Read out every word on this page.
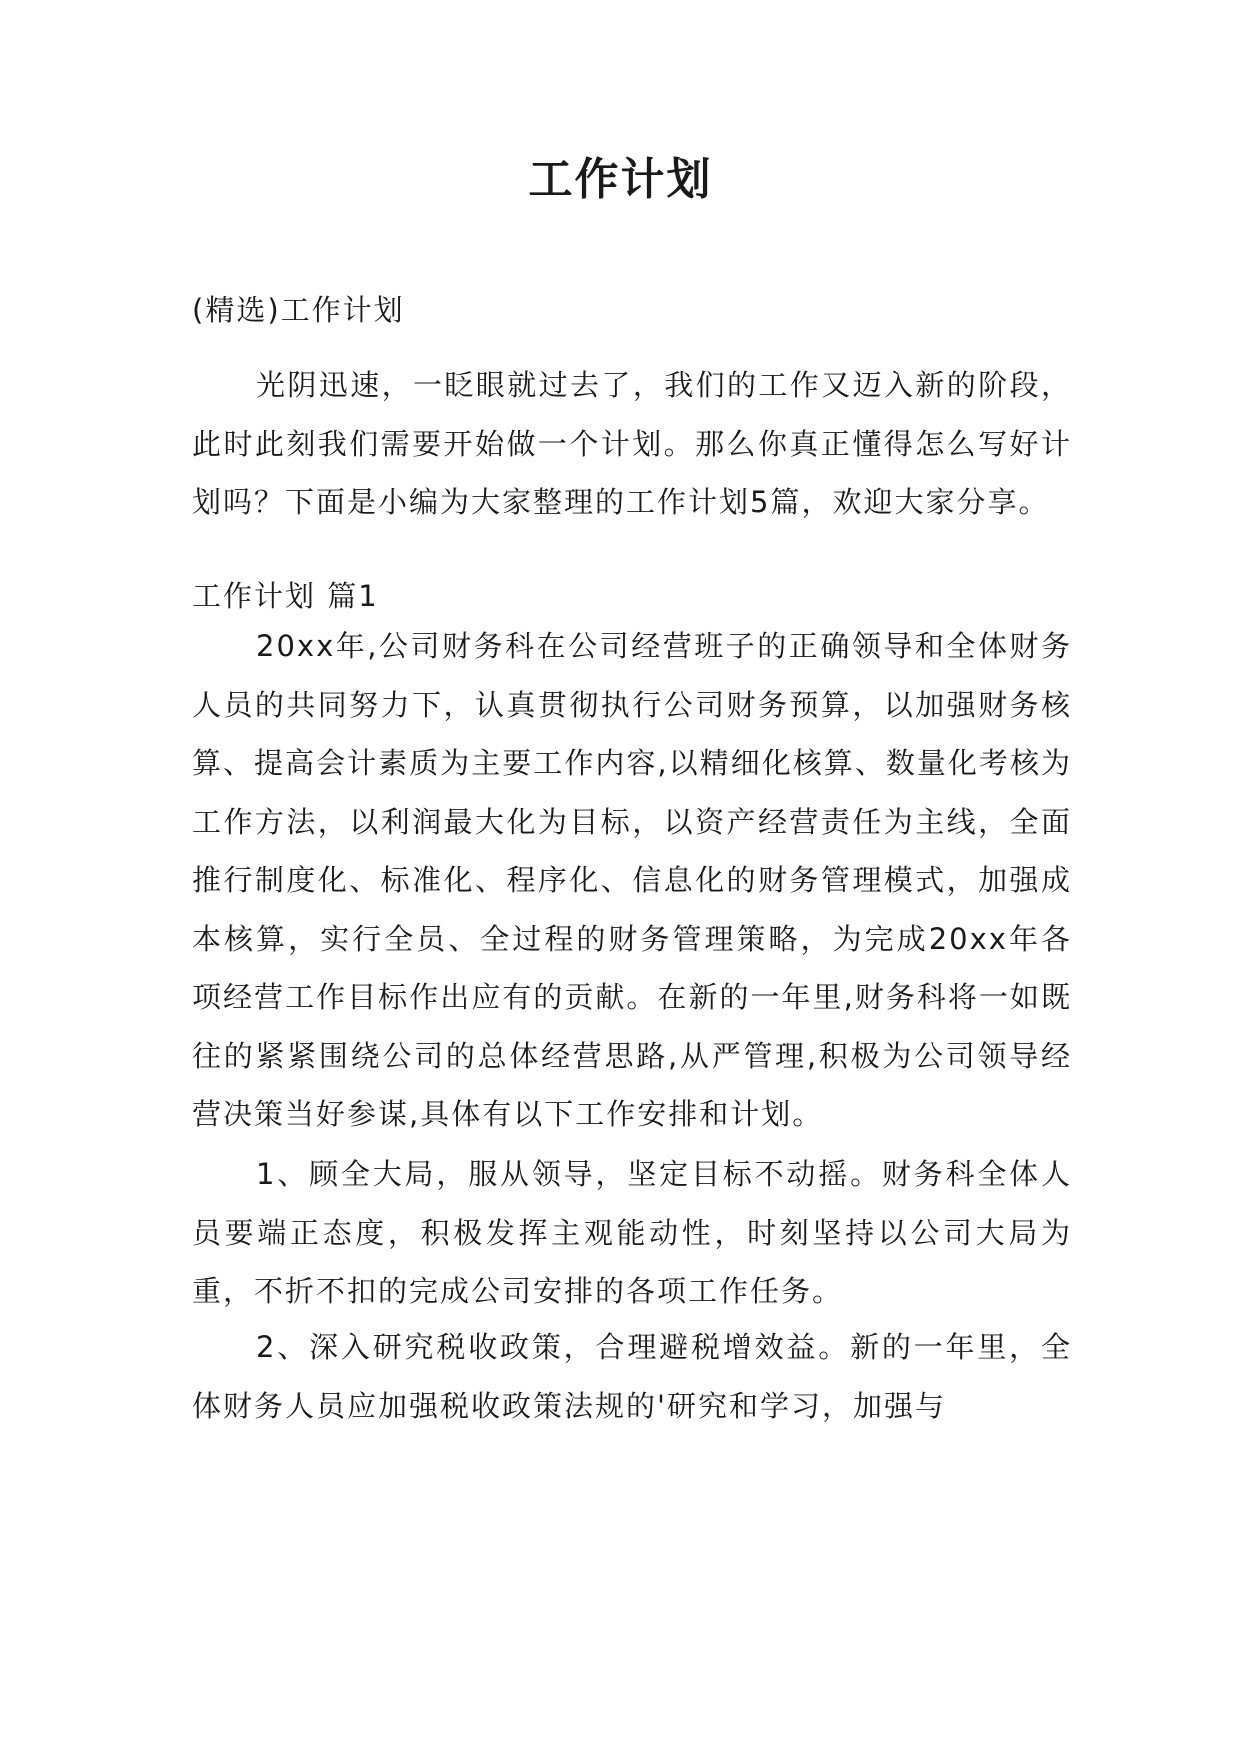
工作计划
(精选)工作计划
光阴迅速，一眨眼就过去了，我们的工作又迈入新的阶段，此时此刻我们需要开始做一个计划。那么你真正懂得怎么写好计划吗？下面是小编为大家整理的工作计划5篇，欢迎大家分享。
工作计划 篇1
20xx年,公司财务科在公司经营班子的正确领导和全体财务人员的共同努力下，认真贯彻执行公司财务预算，以加强财务核算、提高会计素质为主要工作内容,以精细化核算、数量化考核为工作方法，以利润最大化为目标，以资产经营责任为主线，全面推行制度化、标准化、程序化、信息化的财务管理模式，加强成本核算，实行全员、全过程的财务管理策略，为完成20xx年各项经营工作目标作出应有的贡献。在新的一年里,财务科将一如既往的紧紧围绕公司的总体经营思路,从严管理,积极为公司领导经营决策当好参谋,具体有以下工作安排和计划。
1、顾全大局，服从领导，坚定目标不动摇。财务科全体人员要端正态度，积极发挥主观能动性，时刻坚持以公司大局为重，不折不扣的完成公司安排的各项工作任务。
2、深入研究税收政策，合理避税增效益。新的一年里，全体财务人员应加强税收政策法规的'研究和学习，加强与
